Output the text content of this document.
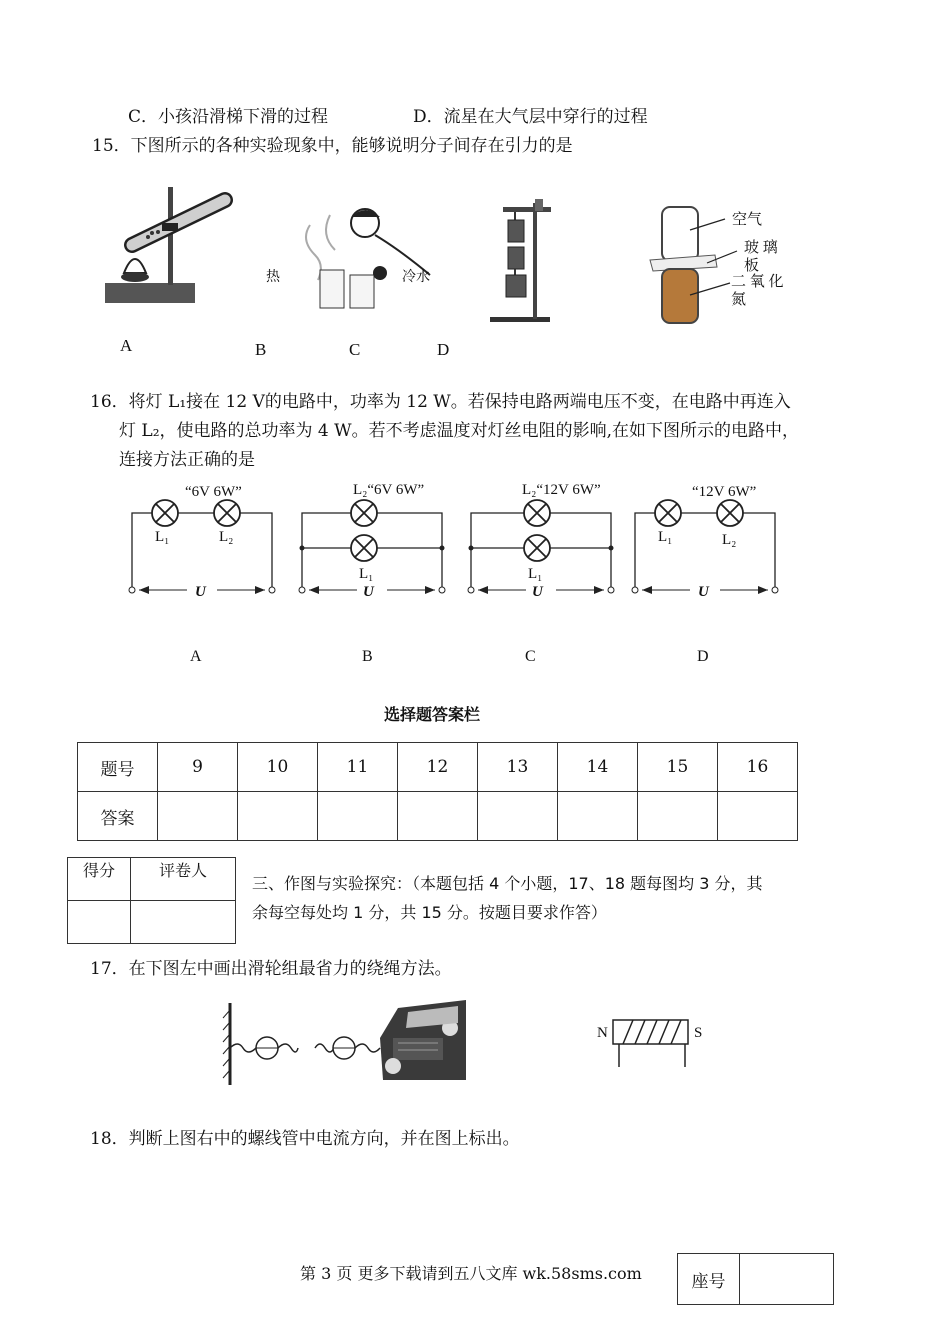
C．小孩沿滑梯下滑的过程	D．流星在大气层中穿行的过程
15．下图所示的各种实验现象中，能够说明分子间存在引力的是
A
热	冷水
B	C	D
空气
玻 璃
板
二 氧 化
氮
16．将灯 L₁接在 12 V的电路中，功率为 12 W。若保持电路两端电压不变，在电路中再连入
灯 L₂，使电路的总功率为 4 W。若不考虑温度对灯丝电阻的影响,在如下图所示的电路中，
连接方法正确的是
“6V 6W”
L₁	L₂
U
L₂“6V 6W”
L₁
U
L₂“12V 6W”
L₁
U
“12V 6W”
L₁	L₂
U
A	B	C	D
选择题答案栏
题号	9	10	11	12	13	14	15	16
答案								
得分	评卷人

三、作图与实验探究：（本题包括 4 个小题，17、18 题每图均 3 分，其
余每空每处均 1 分，共 15 分。按题目要求作答）
17．在下图左中画出滑轮组最省力的绕绳方法。
N	S
18．判断上图右中的螺线管中电流方向，并在图上标出。
第 3 页 更多下载请到五八文库 wk.58sms.com	座号	
